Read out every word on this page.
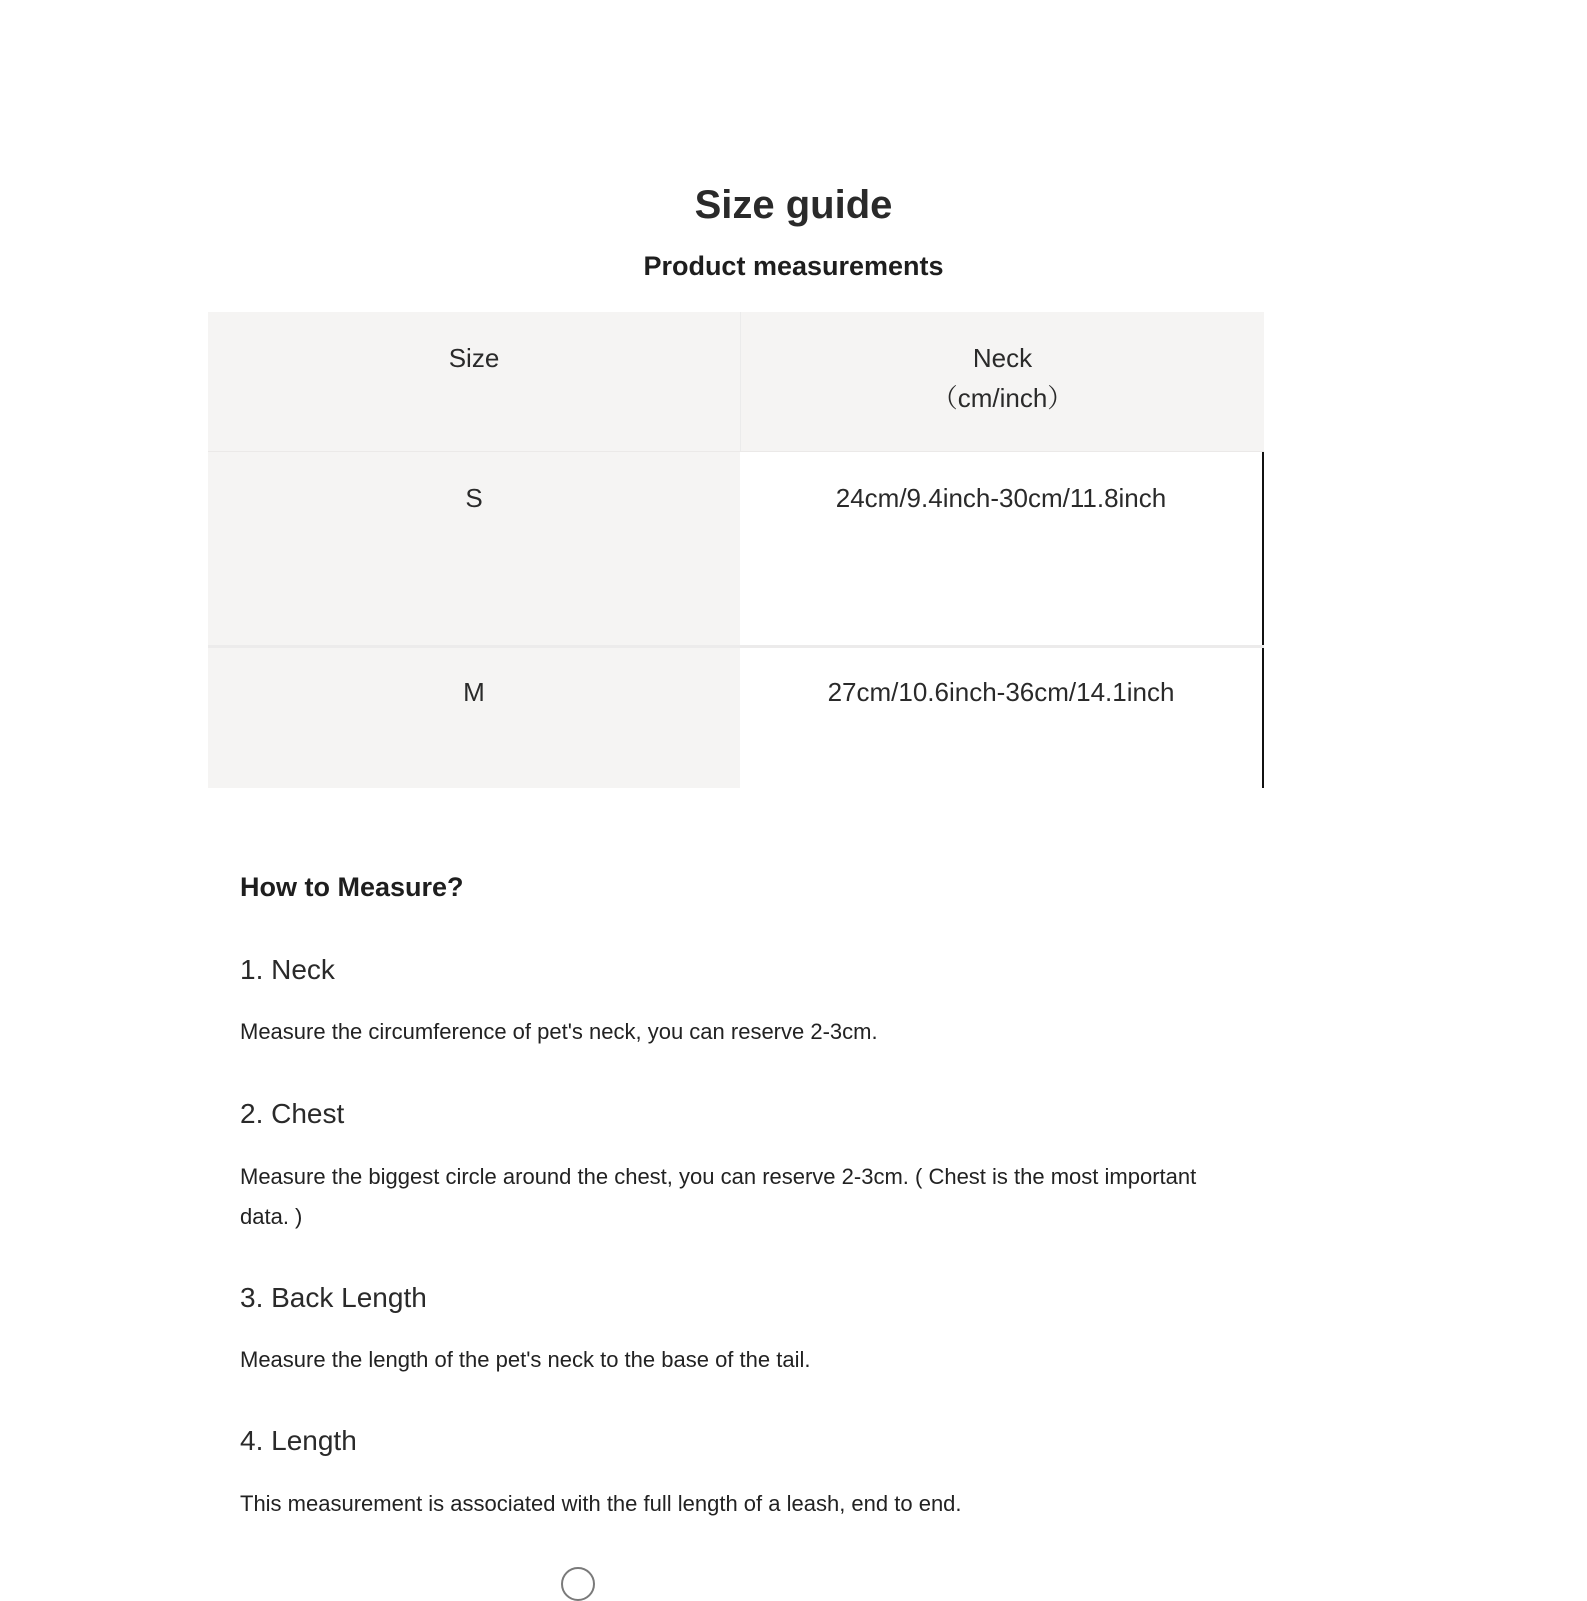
Size guide
Product measurements
Size	Neck
（cm/inch）
S	24cm/9.4inch-30cm/11.8inch
M	27cm/10.6inch-36cm/14.1inch
How to Measure?
1. Neck
Measure the circumference of pet's neck, you can reserve 2-3cm.
2. Chest
Measure the biggest circle around the chest, you can reserve 2-3cm. ( Chest is the most important data. )
3. Back Length
Measure the length of the pet's neck to the base of the tail.
4. Length
This measurement is associated with the full length of a leash, end to end.
